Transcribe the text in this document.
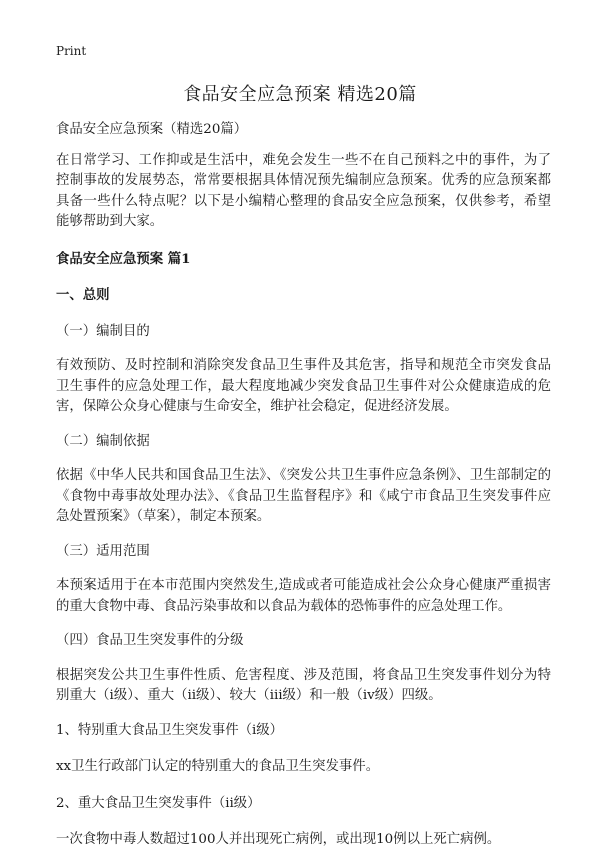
Print
食品安全应急预案 精选20篇

食品安全应急预案（精选20篇）

在日常学习、工作抑或是生活中，难免会发生一些不在自己预料之中的事件，为了控制事故的发展势态，常常要根据具体情况预先编制应急预案。优秀的应急预案都具备一些什么特点呢？以下是小编精心整理的食品安全应急预案，仅供参考，希望能够帮助到大家。

食品安全应急预案 篇1

一、总则

（一）编制目的

有效预防、及时控制和消除突发食品卫生事件及其危害，指导和规范全市突发食品卫生事件的应急处理工作，最大程度地减少突发食品卫生事件对公众健康造成的危害，保障公众身心健康与生命安全，维护社会稳定，促进经济发展。

（二）编制依据

依据《中华人民共和国食品卫生法》、《突发公共卫生事件应急条例》、卫生部制定的《食物中毒事故处理办法》、《食品卫生监督程序》和《咸宁市食品卫生突发事件应急处置预案》（草案），制定本预案。

（三）适用范围

本预案适用于在本市范围内突然发生,造成或者可能造成社会公众身心健康严重损害的重大食物中毒、食品污染事故和以食品为载体的恐怖事件的应急处理工作。

（四）食品卫生突发事件的分级

根据突发公共卫生事件性质、危害程度、涉及范围，将食品卫生突发事件划分为特别重大（ⅰ级）、重大（ⅱ级）、较大（ⅲ级）和一般（ⅳ级）四级。

1、特别重大食品卫生突发事件（ⅰ级）

xx卫生行政部门认定的特别重大的食品卫生突发事件。

2、重大食品卫生突发事件（ⅱ级）

一次食物中毒人数超过100人并出现死亡病例，或出现10例以上死亡病例。
